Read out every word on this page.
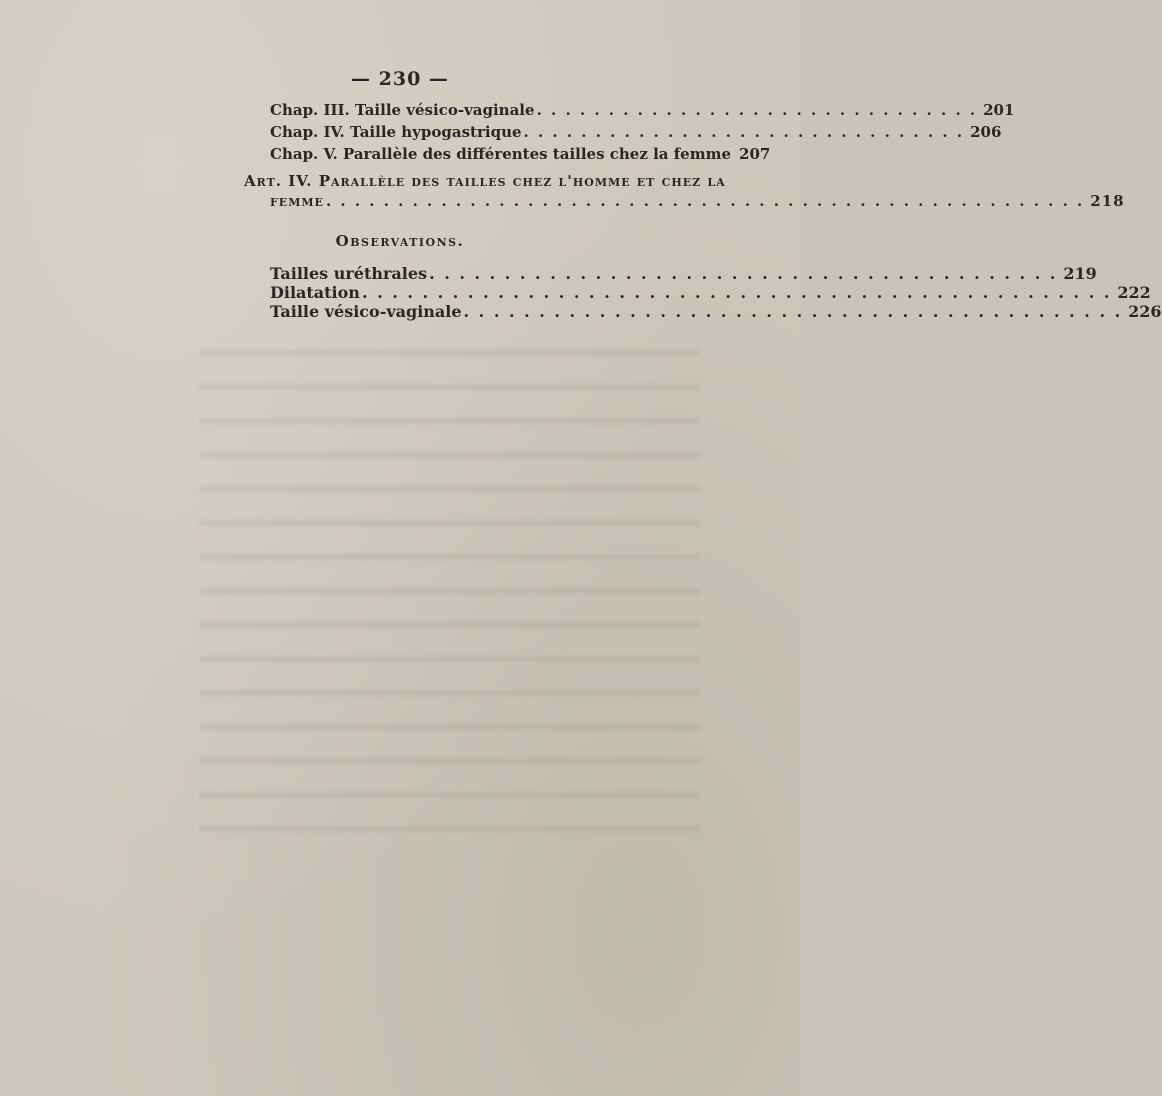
— 230 —
Chap. III. Taille vésico-vaginale . . . . . . . . . . . . . . . . . . . . . . . . . . . . . . . 201
Chap. IV. Taille hypogastrique . . . . . . . . . . . . . . . . . . . . . . . . . . . . . . . 206
Chap. V. Parallèle des différentes tailles chez la femme 207
Art. IV. Parallèle des tailles chez l'homme et chez la
femme . . . . . . . . . . . . . . . . . . . . . . . . . . . . . . . . . . . . . . . . . . . . . . . . . . . . . 218
Observations.
Tailles uréthrales . . . . . . . . . . . . . . . . . . . . . . . . . . . . . . . . . . . . . . . . . . 219
Dilatation . . . . . . . . . . . . . . . . . . . . . . . . . . . . . . . . . . . . . . . . . . . . . . . . . . 222
Taille vésico-vaginale . . . . . . . . . . . . . . . . . . . . . . . . . . . . . . . . . . . . . . . . . . . . 226
